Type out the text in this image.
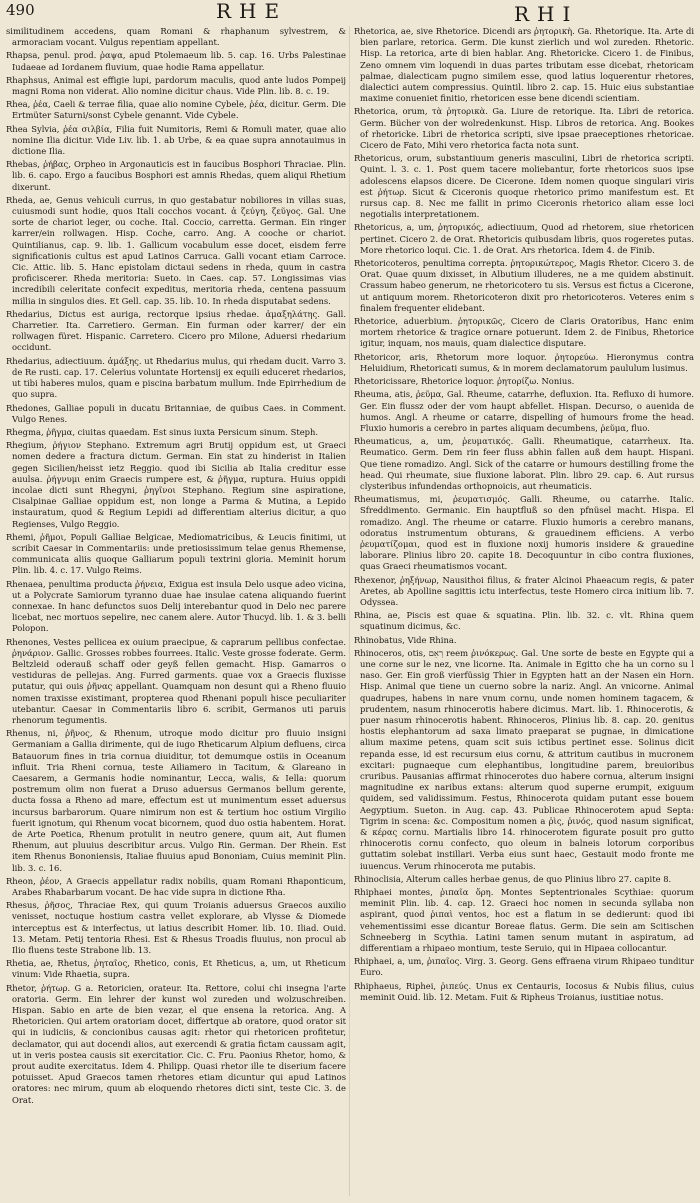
490	RHE	RHI

similitudinem accedens, quam Romani & rhaphanum sylvestrem, & armoraciam vocant. Vulgus repentiam appellant.

Rhapsa, penul. prod. ῥαψα, apud Ptolemaeum lib. 5. cap. 16. Urbs Palestinae Iudaeae ad Iordanem fluvium, quae hodie Rama appellatur.

Rhaphsus, Animal est effigie lupi, pardorum maculis, quod ante ludos Pompeij magni Roma non viderat. Alio nomine dicitur chaus. Vide Plin. lib. 8. c. 19.

Rhea, ῥέα, Caeli & terrae filia, quae alio nomine Cybele, ῥέα, dicitur. Germ. Die Ertmüter Saturni/sonst Cybele genannt. Vide Cybele.

Rhea Sylvia, ῥέα σιλβία, Filia fuit Numitoris, Remi & Romuli mater, quae alio nomine Ilia dicitur. Vide Liv. lib. 1. ab Urbe, & ea quae supra annotauimus in dictione Ilia.

Rhebas, ῥήβας, Orpheo in Argonauticis est in faucibus Bosphori Thraciae. Plin. lib. 6. capo. Ergo a faucibus Bosphori est amnis Rhedas, quem aliqui Rhetium dixerunt.

Rheda, ae, Genus vehiculi currus, in quo gestabatur nobiliores in villas suas, cuiusmodi sunt hodie, quos Itali cocchos vocant. ἁ ζεύγη, ζεῦγος. Gal. Une sorte de chariot leger, ou coche. Ital. Coccio, carretta. German. Ein ringer karrer/ein rollwagen. Hisp. Coche, carro. Ang. A cooche or chariot. Quintilianus, cap. 9. lib. 1. Gallicum vocabulum esse docet, eisdem ferre significationis cultus est apud Latinos Carruca. Galli vocant etiam Carroce. Cic. Attic. lib. 5. Hanc epistolam dictaui sedens in rheda, quum in castra proficiscerer. Rheda meritoria: Sueto. in Caes. cap. 57. Longissimas vias incredibili celeritate confecit expeditus, meritoria rheda, centena passuum millia in singulos dies. Et Gell. cap. 35. lib. 10. In rheda disputabat sedens.

Rhedarius, Dictus est auriga, rectorque ipsius rhedae. ἁμαξηλάτης. Gall. Charretier. Ita. Carretiero. German. Ein furman oder karrer/ der ein rollwagen füret. Hispanic. Carretero. Cicero pro Milone, Aduersi rhedarium occidunt.

Rhedarius, adiectiuum. ἁμάξης. ut Rhedarius mulus, qui rhedam ducit. Varro 3. de Re rusti. cap. 17. Celerius voluntate Hortensij ex equili educeret rhedarios, ut tibi haberes mulos, quam e piscina barbatum mullum. Inde Epirrhedium de quo supra.

Rhedones, Galliae populi in ducatu Britanniae, de quibus Caes. in Comment. Vulgo Renes.

Rhegma, ῥῆγμα, ciuitas quaedam. Est sinus iuxta Persicum sinum. Steph.

Rhegium, ῥήγιον Stephano. Extremum agri Brutij oppidum est, ut Graeci nomen dedere a fractura dictum. German. Ein stat zu hinderist in Italien gegen Sicilien/heisst ietz Reggio. quod ibi Sicilia ab Italia creditur esse auulsa. ῥήγνυμι enim Graecis rumpere est, & ῥῆγμα, ruptura. Huius oppidi incolae dicti sunt Rhegyni, ῥηγῖνοι Stephano. Regium sine aspiratione, Cisalpinae Galliae oppidum est, non longe a Parma & Mutina, a Lepido instauratum, quod & Regium Lepidi ad differentiam alterius dicitur, a quo Regienses, Vulgo Reggio.

Rhemi, ῥῆμοι, Populi Galliae Belgicae, Mediomatricibus, & Leucis finitimi, ut scribit Caesar in Commentariis: unde pretiosissimum telae genus Rhemense, communicata aliis quoque Galliarum populi textrini gloria. Meminit horum Plin. lib. 4. c. 17. Vulgo Reims.

Rhenaea, penultima producta ῥήνεια, Exigua est insula Delo usque adeo vicina, ut a Polycrate Samiorum tyranno duae hae insulae catena aliquando fuerint connexae. In hanc defunctos suos Delij interebantur quod in Delo nec parere licebat, nec mortuos sepelire, nec canem alere. Autor Thucyd. lib. 1. & 3. belli Polopon.

Rhenones, Vestes pellicea ex ouium praecipue, & caprarum pellibus confectae. ῥηνάριον. Gallic. Grosses robbes fourrees. Italic. Veste grosse foderate. Germ. Beltzleid oderauß schaff oder geyß fellen gemacht. Hisp. Gamarros o vestiduras de pellejas. Ang. Furred garments. quae vox a Graecis fluxisse putatur, qui ouis ῥῆνας appellant. Quamquam non desunt qui a Rheno fluuio nomen traxisse existimant, propterea quod Rhenani populi hisce peculiariter utebantur. Caesar in Commentariis libro 6. scribit, Germanos uti paruis rhenorum tegumentis.

Rhenus, ni, ῥῆνος, & Rhenum, utroque modo dicitur pro fluuio insigni Germaniam a Gallia dirimente, qui de iugo Rheticarum Alpium defluens, circa Batauorum fines in tria cornua diuiditur, tot demumque ostiis in Oceanum influit. Tria Rheni cornua, teste Ailiamero in Tacitum, & Glareano in Caesarem, a Germanis hodie nominantur, Lecca, walis, & Iella: quorum postremum olim non fuerat a Druso aduersus Germanos bellum gerente, ducta fossa a Rheno ad mare, effectum est ut munimentum esset aduersus incursus barbarorum. Quare nimirum non est & tertium hoc ostium Virgilio fuerit ignotum, qui Rhenum vocat bicornem, quod duo ostia habentem. Horat. de Arte Poetica, Rhenum protulit in neutro genere, quum ait, Aut flumen Rhenum, aut pluuius describitur arcus. Vulgo Rin. German. Der Rhein. Est item Rhenus Bononiensis, Italiae fluuius apud Bononiam, Cuius meminit Plin. lib. 3. c. 16.

Rheon, ῥέον, A Graecis appellatur radix nobilis, quam Romani Rhaponticum, Arabes Rhabarbarum vocant. De hac vide supra in dictione Rha.

Rhesus, ῥῆσος, Thraciae Rex, qui quum Troianis aduersus Graecos auxilio venisset, noctuque hostium castra vellet explorare, ab Vlysse & Diomede interceptus est & interfectus, ut latius describit Homer. lib. 10. Iliad. Ouid. 13. Metam. Petij tentoria Rhesi. Est & Rhesus Troadis fluuius, non procul ab Ilio fluens teste Strabone lib. 13.

Rhetia, ae, Rhetus, ῥηταῖος, Rhetico, conis, Et Rheticus, a, um, ut Rheticum vinum: Vide Rhaetia, supra.

Rhetor, ῥήτωρ. G a. Retoricien, orateur. Ita. Rettore, colui chi insegna l'arte oratoria. Germ. Ein lehrer der kunst wol zureden und wolzuschreiben. Hispan. Sabio en arte de bien vezar, el que ensena la retorica. Ang. A Rhetoricien. Qui artem oratoriam docet, differtque ab oratore, quod orator sit qui in iudiciis, & concionibus causas agit: rhetor qui rhetoricen profitetur, declamator, qui aut docendi alios, aut exercendi & gratia fictam caussam agit, ut in veris postea causis sit exercitatior. Cic. C. Fru. Paonius Rhetor, homo, & prout audite exercitatus. Idem 4. Philipp. Quasi rhetor ille te diserium facere potuisset. Apud Graecos tamen rhetores etiam dicuntur qui apud Latinos oratores: nec mirum, quum ab eloquendo rhetores dicti sint, teste Cic. 3. de Orat.

Rhetorica, ae, sive Rhetorice. Dicendi ars ῥητορικὴ. Ga. Rhetorique. Ita. Arte di bien parlare, retorica. Germ. Die kunst zierlich und wol zureden. Rhetoric. Hisp. La retorica, arte di bien hablar. Ang. Rhetoricke. Cicero 1. de Finibus, Zeno omnem vim loquendi in duas partes tributam esse dicebat, rhetoricam palmae, dialecticam pugno similem esse, quod latius loquerentur rhetores, dialectici autem compressius. Quintil. libro 2. cap. 15. Huic eius substantiae maxime conueniet finitio, rhetoricen esse bene dicendi scientiam.

Rhetorica, orum, τὰ ῥητορικὰ. Ga. Liure de retorique. Ita. Libri de retorica. Germ. Bücher von der wolredenkunst. Hisp. Libros de retorica. Ang. Bookes of rhetoricke. Libri de rhetorica scripti, sive ipsae praeceptiones rhetoricae. Cicero de Fato, Mihi vero rhetorica facta nota sunt.

Rhetoricus, orum, substantiuum generis masculini, Libri de rhetorica scripti. Quint. l. 3. c. 1. Post quem tacere moliebantur, forte rhetoricos suos ipse adolescens elapsos dicere. De Cicerone. Idem nomen quoque singulari viris est ῥήτωρ. Sicut & Ciceronis quoque rhetorico primo manifestum est. Et rursus cap. 8. Nec me fallit in primo Ciceronis rhetorico aliam esse loci negotialis interpretationem.

Rhetoricus, a, um, ῥητορικός, adiectiuum, Quod ad rhetorem, siue rhetoricen pertinet. Cicero 2. de Orat. Rhetoricis quibusdam libris, quos rogeretes putas. More rhetorico loqui. Cic. 1. de Orat. Ars rhetorica. Idem 4. de Finib.

Rhetoricoteros, penultima correpta. ῥητορικώτερος, Magis Rhetor. Cicero 3. de Orat. Quae quum dixisset, in Albutium illuderes, ne a me quidem abstinuit. Crassum habeo generum, ne rhetoricotero tu sis. Versus est fictus a Cicerone, ut antiquum morem. Rhetoricoteron dixit pro rhetoricoteros. Veteres enim s finalem frequenter elidebant.

Rhetorice, aduerbium. ῥητορικῶς, Cicero de Claris Oratoribus, Hanc enim mortem rhetorice & tragice ornare potuerunt. Idem 2. de Finibus, Rhetorice igitur, inquam, nos mauis, quam dialectice disputare.

Rhetoricor, aris, Rhetorum more loquor. ῥητορεύω. Hieronymus contra Heluidium, Rhetoricati sumus, & in morem declamatorum paululum lusimus.

Rhetoricissare, Rhetorice loquor. ῥητορίζω. Nonius.

Rheuma, atis, ῥεῦμα, Gal. Rheume, catarrhe, defluxion. Ita. Refluxo di humore. Ger. Ein flussz oder der vom haupt abfellet. Hispan. Decurso, o auenida de humos. Angl. A rheume or catarre, dispelling of humours frome the head. Fluxio humoris a cerebro in partes aliquam decumbens, ῥεῦμα, fluo.

Rheumaticus, a, um, ῥευματικός. Galli. Rheumatique, catarrheux. Ita. Reumatico. Germ. Dem rin feer fluss abhin fallen auß dem haupt. Hispani. Que tiene romadizo. Angl. Sick of the catarre or humours destilling frome the head. Qui rheumate, siue fluxione laborat. Plin. libro 29. cap. 6. Aut rursus clysteribus infundendas orthopnoicis, aut rheumaticis.

Rheumatismus, mi, ῥευματισμός. Galli. Rheume, ou catarrhe. Italic. Sfreddimento. Germanic. Ein hauptfluß so den pfnüsel macht. Hispa. El romadizo. Angl. The rheume or catarre. Fluxio humoris a cerebro manans, odoratus instrumentum obturans, & grauedinem efficiens. A verbo ῥευματίζομαι, quod est in fluxione noxij humoris insidere & grauedine laborare. Plinius libro 20. capite 18. Decoquuntur in cibo contra fluxiones, quas Graeci rheumatismos vocant.

Rhexenor, ῥηξήνωρ, Nausithoi filius, & frater Alcinoi Phaeacum regis, & pater Aretes, ab Apolline sagittis ictu interfectus, teste Homero circa initium lib. 7. Odyssea.

Rhina, ae, Piscis est quae & squatina. Plin. lib. 32. c. vlt. Rhina quem squatinum dicimus, &c.

Rhinobatus, Vide Rhina.

Rhinoceros, otis, רְאֵם reem ῥινόκερως. Gal. Une sorte de beste en Egypte qui a une corne sur le nez, vne licorne. Ita. Animale in Egitto che ha un corno su l naso. Ger. Ein groß vierfüssig Thier in Egypten hatt an der Nasen ein Horn. Hisp. Animal que tiene un cuerno sobre la nariz. Angl. An vnicorne. Animal quadrupes, habens in nare vnum cornu, unde nomen hominem tagacem, & prudentem, nasum rhinocerotis habere dicimus. Mart. lib. 1. Rhinocerotis, & puer nasum rhinocerotis habent. Rhinoceros, Plinius lib. 8. cap. 20. genitus hostis elephantorum ad saxa limato praeparat se pugnae, in dimicatione alium maxime petens, quam scit suis ictibus pertinet esse. Solinus dicit repanda esse, id est recursum eius cornu, & attritum cautibus in mucronem excitari: pugnaeque cum elephantibus, longitudine parem, breuioribus cruribus. Pausanias affirmat rhinocerotes duo habere cornua, alterum insigni magnitudine ex naribus extans: alterum quod superne erumpit, exiguum quidem, sed validissimum. Festus, Rhinocerota quidam putant esse bouem Aegyptium. Sueton. in Aug. cap. 43. Publicae Rhinocerotem apud Septa: Tigrim in scena: &c. Compositum nomen a ῥὶς, ῥινός, quod nasum significat, & κέρας cornu. Martialis libro 14. rhinocerotem figurate posuit pro gutto rhinocerotis cornu confecto, quo oleum in balneis lotorum corporibus guttatim solebat instillari. Verba eius sunt haec, Gestauit modo fronte me iuuencus. Verum rhinocerota me putabis.

Rhinoclisia, Alterum calles herbae genus, de quo Plinius libro 27. capite 8.

Rhiphaei montes, ῥιπαῖα ὄρη. Montes Septentrionales Scythiae: quorum meminit Plin. lib. 4. cap. 12. Graeci hoc nomen in secunda syllaba non aspirant, quod ῥιπαὶ ventos, hoc est a flatum in se dedierunt: quod ibi vehementissimi esse dicantur Boreae flatus. Germ. Die sein am Scitischen Schneeberg in Scythia. Latini tamen senum mutant in aspiratum, ad differentiam a rhipaeo montium, teste Seruio, qui in Hipaea collocantur.

Rhiphaei, a, um, ῥιπαῖος. Virg. 3. Georg. Gens effraena virum Rhipaeo tunditur Euro.

Rhiphaeus, Riphei, ῥιπεύς. Unus ex Centauris, Iocosus & Nubis filius, cuius meminit Ouid. lib. 12. Metam. Fuit & Ripheus Troianus, iustitiae notus.
